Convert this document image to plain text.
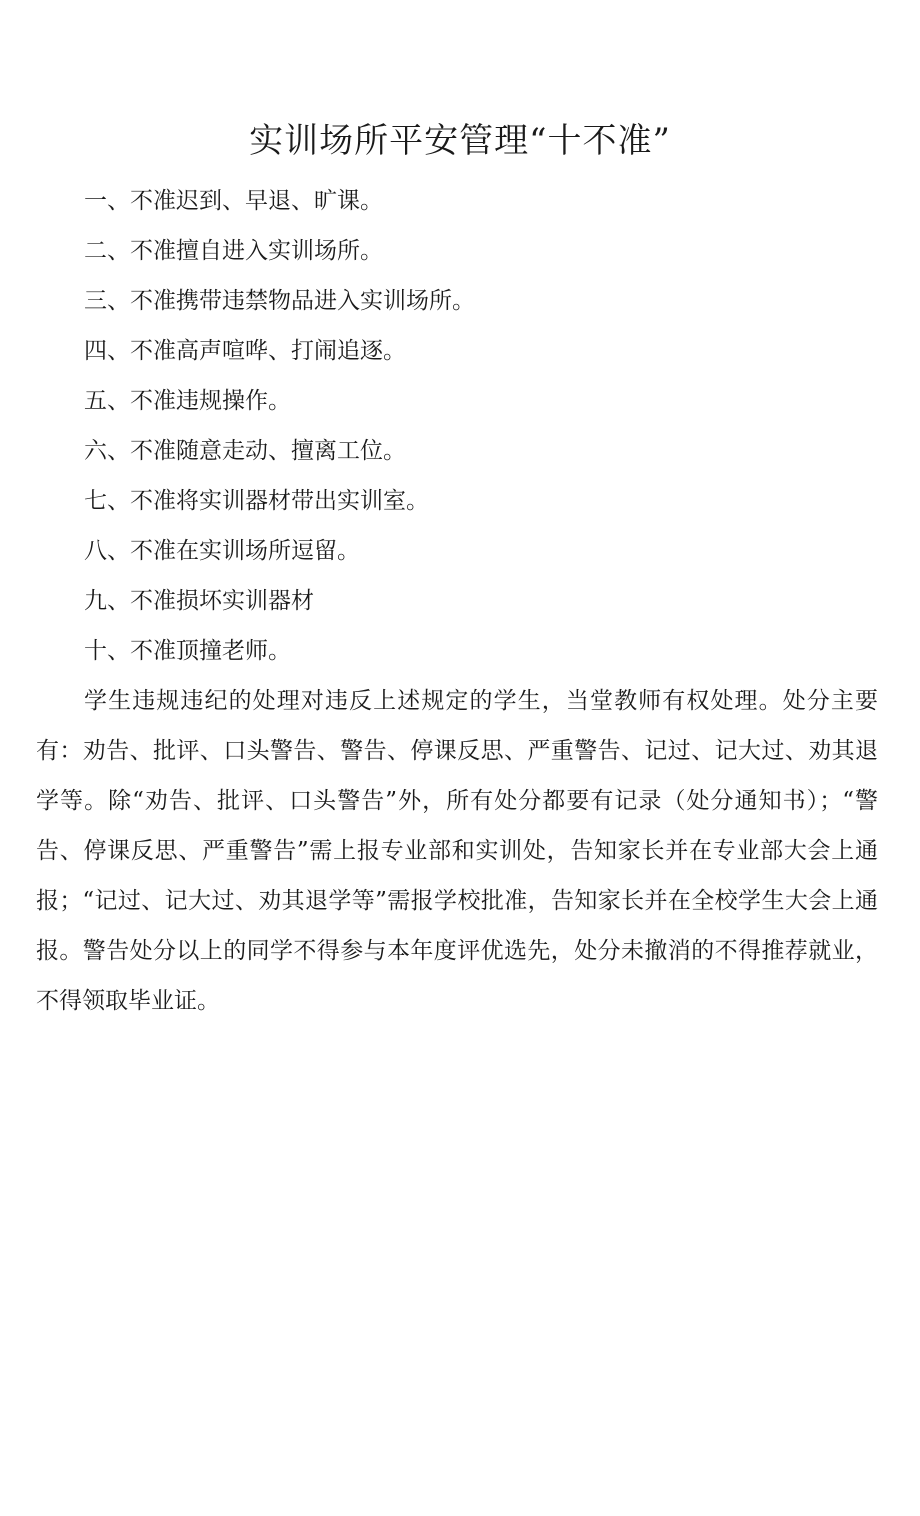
实训场所平安管理“十不准”
一、不准迟到、早退、旷课。
二、不准擅自进入实训场所。
三、不准携带违禁物品进入实训场所。
四、不准高声喧哗、打闹追逐。
五、不准违规操作。
六、不准随意走动、擅离工位。
七、不准将实训器材带出实训室。
八、不准在实训场所逗留。
九、不准损坏实训器材
十、不准顶撞老师。

学生违规违纪的处理对违反上述规定的学生，当堂教师有权处理。处分主要有：劝告、批评、口头警告、警告、停课反思、严重警告、记过、记大过、劝其退学等。除“劝告、批评、口头警告”外，所有处分都要有记录（处分通知书）；“警告、停课反思、严重警告”需上报专业部和实训处，告知家长并在专业部大会上通报；“记过、记大过、劝其退学等”需报学校批准，告知家长并在全校学生大会上通报。警告处分以上的同学不得参与本年度评优选先，处分未撤消的不得推荐就业，不得领取毕业证。
